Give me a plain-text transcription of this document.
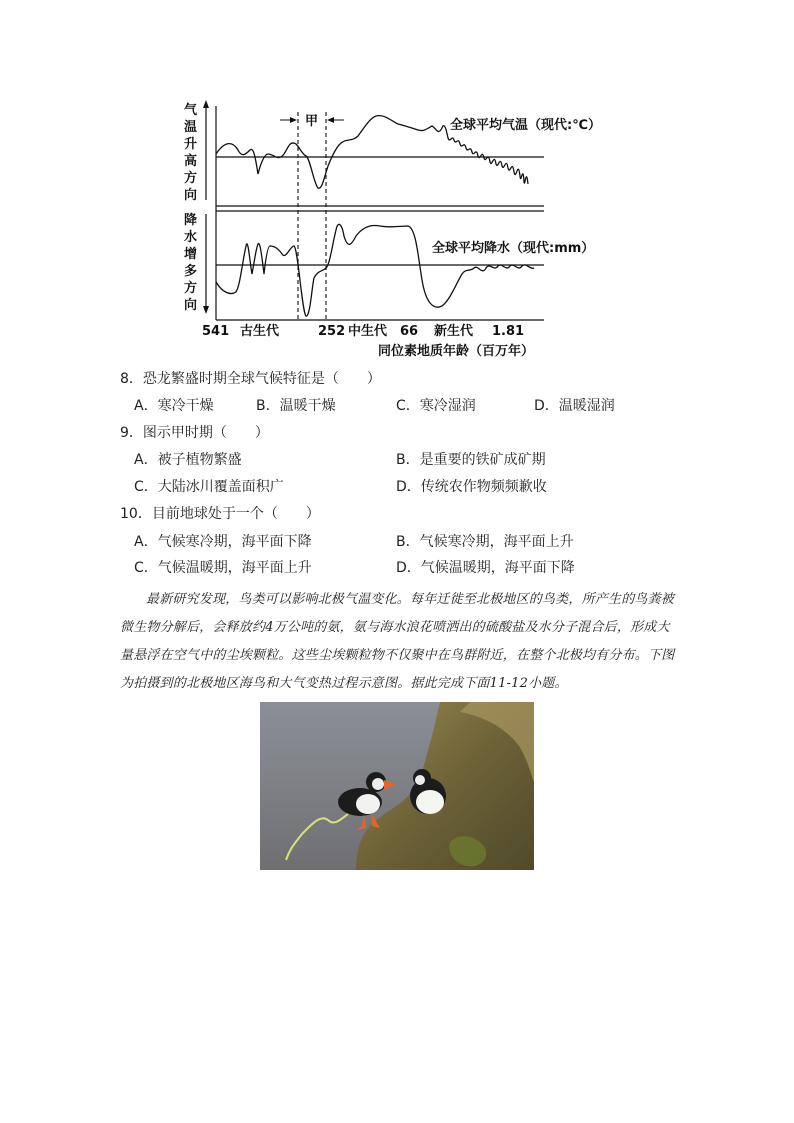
气温升 高方向
降水增 多方向
甲	全球平均气温（现代:℃）
全球平均降水（现代:mm）
541 古生代	252 中生代 66 新生代 1.81
同位素地质年龄（百万年）
8．恐龙繁盛时期全球气候特征是（　　）
A．寒冷干燥	B．温暖干燥	C．寒冷湿润	D．温暖湿润
9．图示甲时期（　　）
A．被子植物繁盛	B．是重要的铁矿成矿期
C．大陆冰川覆盖面积广	D．传统农作物频频歉收
10．目前地球处于一个（　　）
A．气候寒冷期，海平面下降	B．气候寒冷期，海平面上升
C．气候温暖期，海平面上升	D．气候温暖期，海平面下降
最新研究发现，鸟类可以影响北极气温变化。每年迁徙至北极地区的鸟类，所产生的鸟粪被微生物分解后，会释放约4万公吨的氨，氨与海水浪花喷洒出的硫酸盐及水分子混合后，形成大量悬浮在空气中的尘埃颗粒。这些尘埃颗粒物不仅聚中在鸟群附近，在整个北极均有分布。下图为拍摄到的北极地区海鸟和大气变热过程示意图。据此完成下面11-12小题。
